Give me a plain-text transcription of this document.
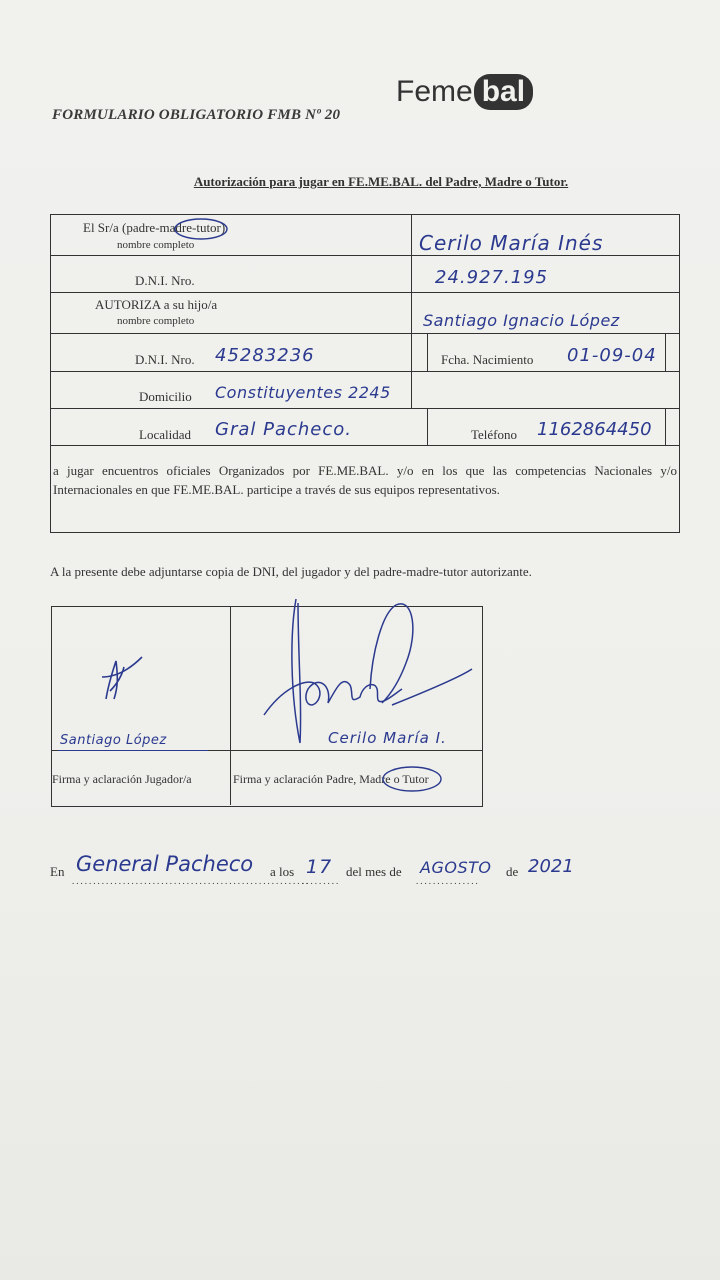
Feme bal
FORMULARIO OBLIGATORIO FMB Nº 20
Autorización para jugar en FE.ME.BAL. del Padre, Madre o Tutor.
El Sr/a (padre-madre-tutor)
nombre completo	Cerilo María Inés
D.N.I. Nro.	24.927.195
AUTORIZA a su hijo/a
nombre completo	Santiago Ignacio López
D.N.I. Nro. 45283236	Fcha. Nacimiento 01-09-04
Domicilio Constituyentes 2245
Localidad Gral Pacheco.	Teléfono 1162864450
a jugar encuentros oficiales Organizados por FE.ME.BAL. y/o en los que las competencias Nacionales y/o Internacionales en que FE.ME.BAL. participe a través de sus equipos representativos.
A la presente debe adjuntarse copia de DNI, del jugador y del padre-madre-tutor autorizante.
Santiago López	Cerilo María I.
Firma y aclaración Jugador/a	Firma y aclaración Padre, Madre o Tutor
En General Pacheco
........................................................
a los 17
.........
del mes de AGOSTO
...............
de 2021
